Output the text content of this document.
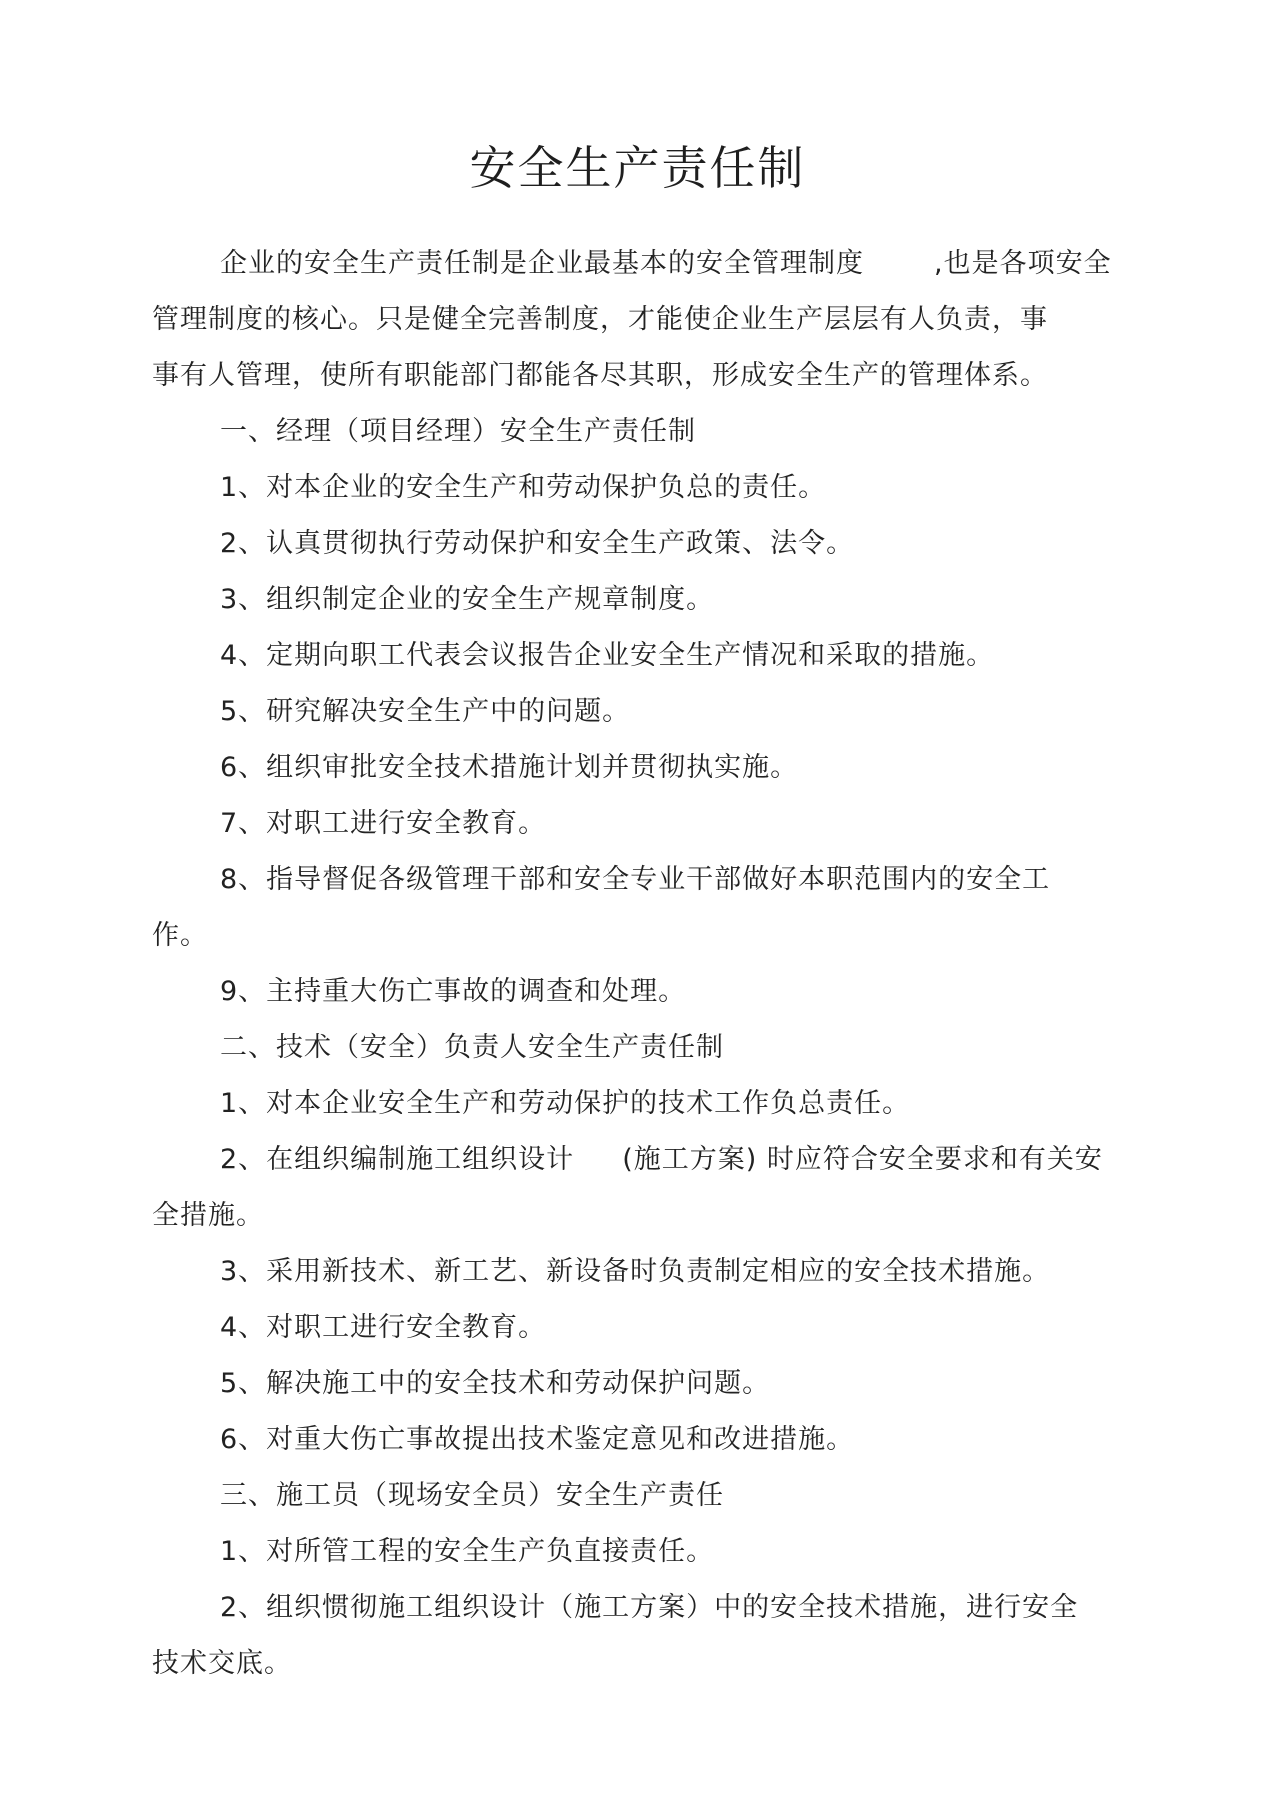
安全生产责任制

企业的安全生产责任制是企业最基本的安全管理制度	,也是各项安全

管理制度的核心。只是健全完善制度，才能使企业生产层层有人负责，事

事有人管理，使所有职能部门都能各尽其职，形成安全生产的管理体系。

一、经理（项目经理）安全生产责任制

1、对本企业的安全生产和劳动保护负总的责任。

2、认真贯彻执行劳动保护和安全生产政策、法令。

3、组织制定企业的安全生产规章制度。

4、定期向职工代表会议报告企业安全生产情况和采取的措施。

5、研究解决安全生产中的问题。

6、组织审批安全技术措施计划并贯彻执实施。

7、对职工进行安全教育。

8、指导督促各级管理干部和安全专业干部做好本职范围内的安全工

作。

9、主持重大伤亡事故的调查和处理。

二、技术（安全）负责人安全生产责任制

1、对本企业安全生产和劳动保护的技术工作负总责任。

2、在组织编制施工组织设计 (施工方案) 时应符合安全要求和有关安

全措施。

3、采用新技术、新工艺、新设备时负责制定相应的安全技术措施。

4、对职工进行安全教育。

5、解决施工中的安全技术和劳动保护问题。

6、对重大伤亡事故提出技术鉴定意见和改进措施。

三、施工员（现场安全员）安全生产责任

1、对所管工程的安全生产负直接责任。

2、组织惯彻施工组织设计（施工方案）中的安全技术措施，进行安全

技术交底。
